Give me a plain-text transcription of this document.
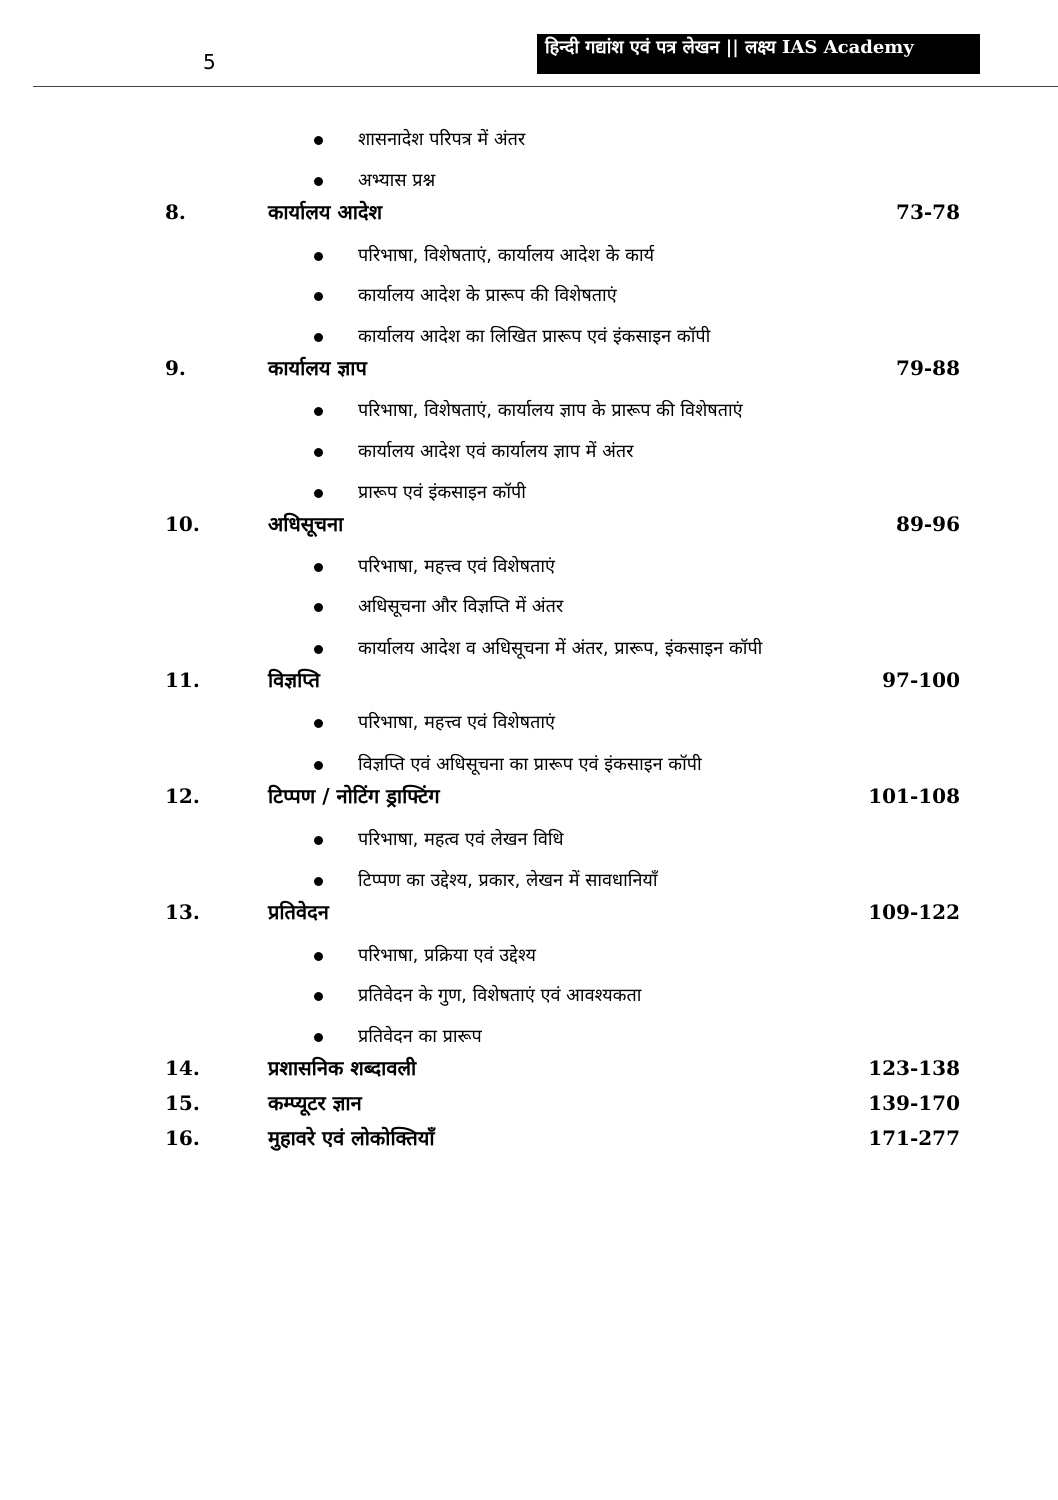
5
हिन्दी गद्यांश एवं पत्र लेखन || लक्ष्य IAS Academy
शासनादेश परिपत्र में अंतर
अभ्यास प्रश्न
8.	कार्यालय आदेश	73-78
परिभाषा, विशेषताएं, कार्यालय आदेश के कार्य
कार्यालय आदेश के प्रारूप की विशेषताएं
कार्यालय आदेश का लिखित प्रारूप एवं इंकसाइन कॉपी
9.	कार्यालय ज्ञाप	79-88
परिभाषा, विशेषताएं, कार्यालय ज्ञाप के प्रारूप की विशेषताएं
कार्यालय आदेश एवं कार्यालय ज्ञाप में अंतर
प्रारूप एवं इंकसाइन कॉपी
10.	अधिसूचना	89-96
परिभाषा, महत्त्व एवं विशेषताएं
अधिसूचना और विज्ञप्ति में अंतर
कार्यालय आदेश व अधिसूचना में अंतर, प्रारूप, इंकसाइन कॉपी
11.	विज्ञप्ति	97-100
परिभाषा, महत्त्व एवं विशेषताएं
विज्ञप्ति एवं अधिसूचना का प्रारूप एवं इंकसाइन कॉपी
12.	टिप्पण / नोटिंग ड्राफ्टिंग	101-108
परिभाषा, महत्व एवं लेखन विधि
टिप्पण का उद्देश्य, प्रकार, लेखन में सावधानियाँ
13.	प्रतिवेदन	109-122
परिभाषा, प्रक्रिया एवं उद्देश्य
प्रतिवेदन के गुण, विशेषताएं एवं आवश्यकता
प्रतिवेदन का प्रारूप
14.	प्रशासनिक शब्दावली	123-138
15.	कम्प्यूटर ज्ञान	139-170
16.	मुहावरे एवं लोकोक्तियाँ	171-277
